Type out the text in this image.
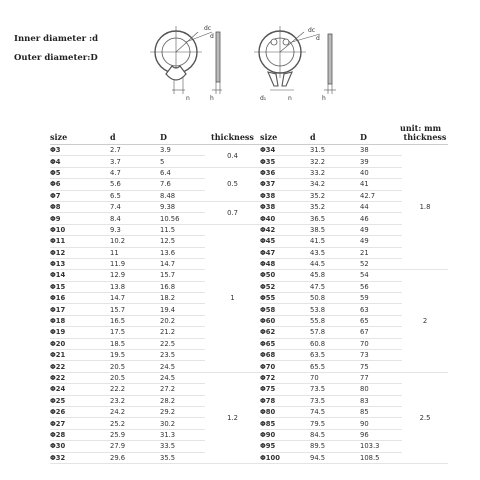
Inner diameter :d
Outer diameter:D
dc
d
n	h
dc
d
d₁	n	h
unit: mm
size	d	D	thickness	size	d	D	thickness
Φ3	2.7	3.9	0.4	Φ34	31.5	38	1.8
Φ4	3.7	5		Φ35	32.2	39	
Φ5	4.7	6.4	0.5	Φ36	33.2	40	
Φ6	5.6	7.6		Φ37	34.2	41	
Φ7	6.5	8.48		Φ38	35.2	42.7	
Φ8	7.4	9.38	0.7	Φ38	35.2	44	
Φ9	8.4	10.56		Φ40	36.5	46	
Φ10	9.3	11.5	1	Φ42	38.5	49	
Φ11	10.2	12.5		Φ45	41.5	49	
Φ12	11	13.6		Φ47	43.5	21	
Φ13	11.9	14.7		Φ48	44.5	52	
Φ14	12.9	15.7		Φ50	45.8	54	2
Φ15	13.8	16.8		Φ52	47.5	56	
Φ16	14.7	18.2		Φ55	50.8	59	
Φ17	15.7	19.4		Φ58	53.8	63	
Φ18	16.5	20.2		Φ60	55.8	65	
Φ19	17.5	21.2		Φ62	57.8	67	
Φ20	18.5	22.5		Φ65	60.8	70	
Φ21	19.5	23.5		Φ68	63.5	73	
Φ22	20.5	24.5		Φ70	65.5	75	
Φ22	20.5	24.5	1.2	Φ72	70	77	2.5
Φ24	22.2	27.2		Φ75	73.5	80	
Φ25	23.2	28.2		Φ78	73.5	83	
Φ26	24.2	29.2		Φ80	74.5	85	
Φ27	25.2	30.2		Φ85	79.5	90	
Φ28	25.9	31.3		Φ90	84.5	96	
Φ30	27.9	33.5		Φ95	89.5	103.3	
Φ32	29.6	35.5		Φ100	94.5	108.5	
